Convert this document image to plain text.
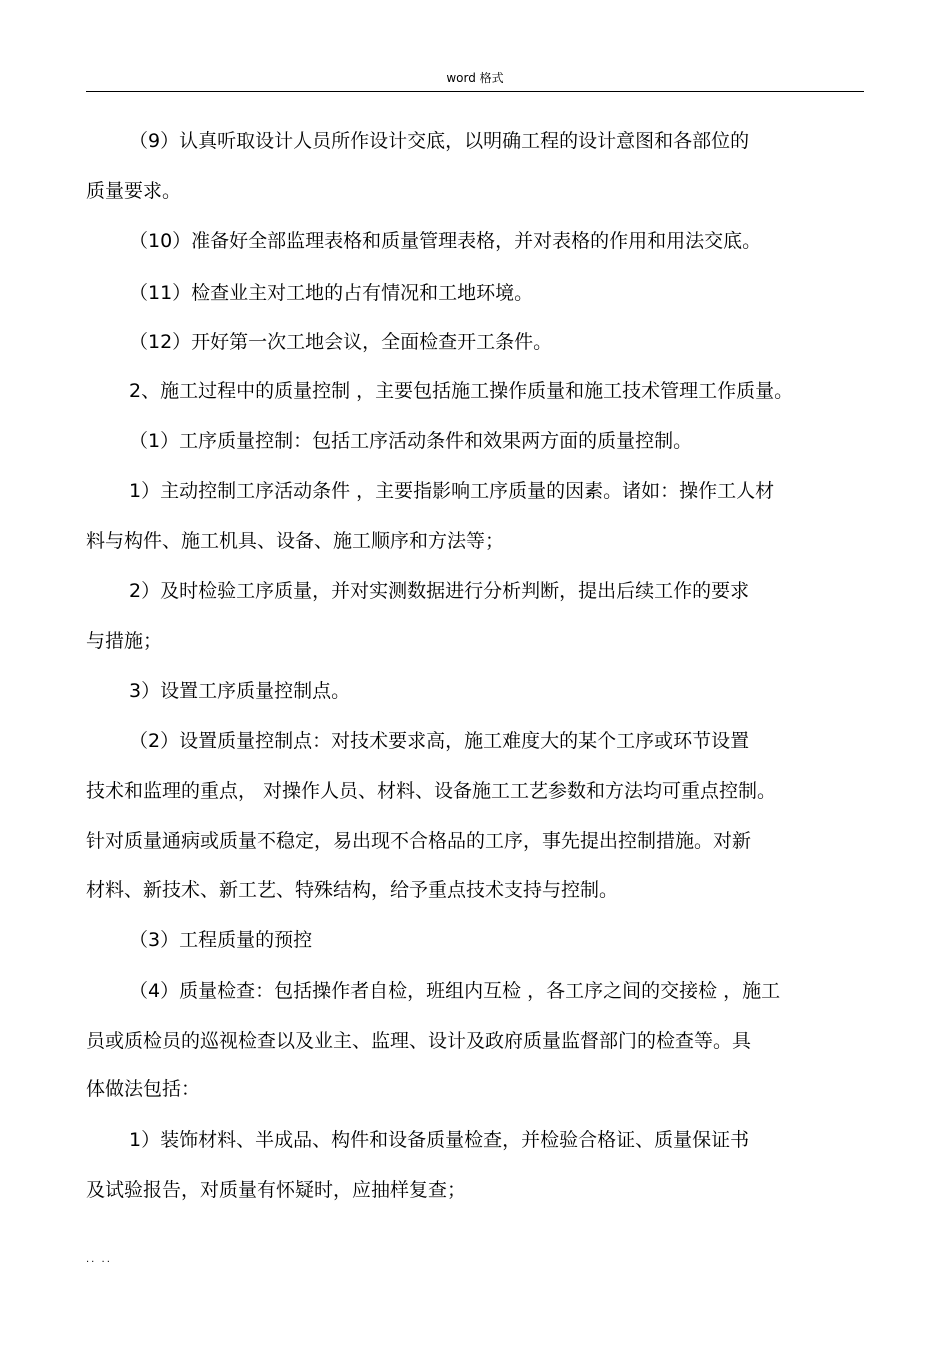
word 格式
（9）认真听取设计人员所作设计交底，以明确工程的设计意图和各部位的
质量要求。
（10）准备好全部监理表格和质量管理表格，并对表格的作用和用法交底。
（11）检查业主对工地的占有情况和工地环境。
（12）开好第一次工地会议，全面检查开工条件。
2、施工过程中的质量控制 ，主要包括施工操作质量和施工技术管理工作质量。
（1）工序质量控制：包括工序活动条件和效果两方面的质量控制。
1）主动控制工序活动条件 ，主要指影响工序质量的因素。诸如：操作工人材
料与构件、施工机具、设备、施工顺序和方法等；
2）及时检验工序质量，并对实测数据进行分析判断，提出后续工作的要求
与措施；
3）设置工序质量控制点。
（2）设置质量控制点：对技术要求高，施工难度大的某个工序或环节设置
技术和监理的重点， 对操作人员、材料、设备施工工艺参数和方法均可重点控制。
针对质量通病或质量不稳定，易出现不合格品的工序，事先提出控制措施。对新
材料、新技术、新工艺、特殊结构，给予重点技术支持与控制。
（3）工程质量的预控
（4）质量检查：包括操作者自检，班组内互检 ，各工序之间的交接检 ，施工
员或质检员的巡视检查以及业主、监理、设计及政府质量监督部门的检查等。具
体做法包括：
1）装饰材料、半成品、构件和设备质量检查，并检验合格证、质量保证书
及试验报告，对质量有怀疑时，应抽样复查；
.. ..
